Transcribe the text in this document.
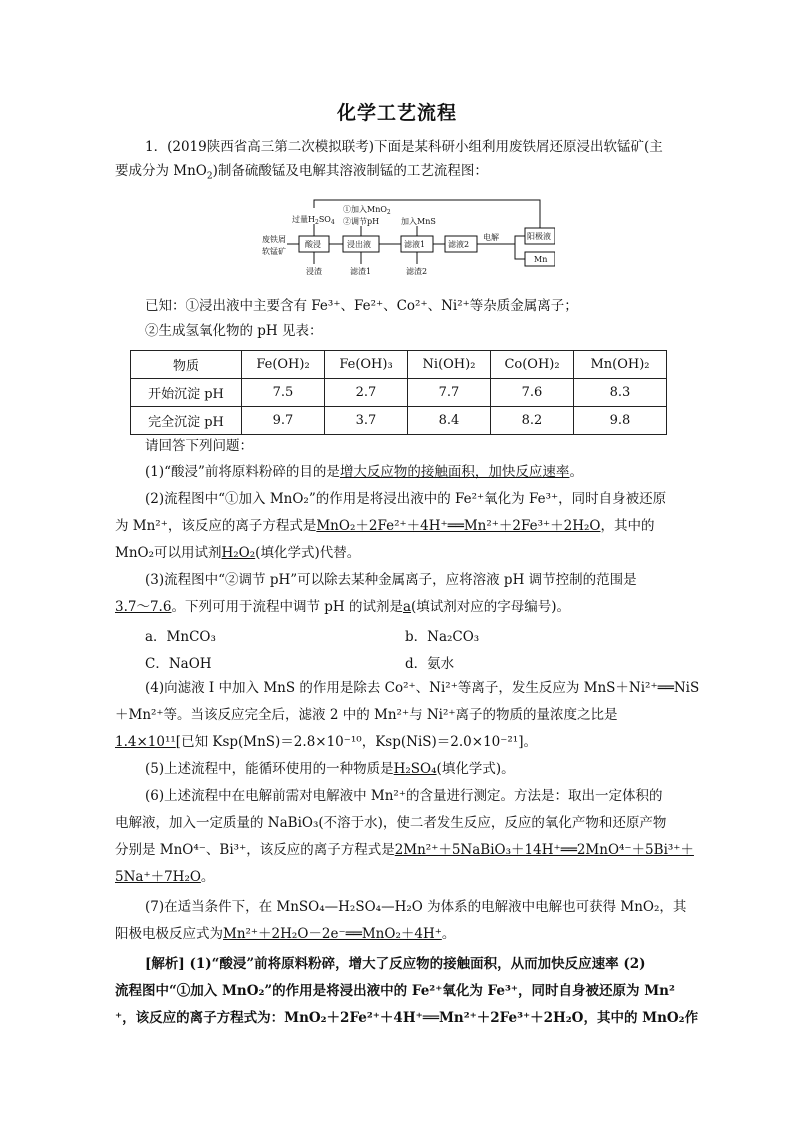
化学工艺流程
1．(2019陕西省高三第二次模拟联考)下面是某科研小组利用废铁屑还原浸出软锰矿(主
要成分为 MnO$_2$)制备硫酸锰及电解其溶液制锰的工艺流程图：
酸浸	浸出液	滤液1	滤液2
阳极液
Mn
废铁屑
软锰矿
过量$H_2SO_4$
①加入MnO$_2$
②调节pH	加入MnS
电解
浸渣	滤渣1	滤渣2
已知：①浸出液中主要含有 Fe³⁺、Fe²⁺、Co²⁺、Ni²⁺等杂质金属离子；
②生成氢氧化物的 pH 见表：
物质	Fe(OH)₂	Fe(OH)₃	Ni(OH)₂	Co(OH)₂	Mn(OH)₂
开始沉淀 pH	7.5	2.7	7.7	7.6	8.3
完全沉淀 pH	9.7	3.7	8.4	8.2	9.8
请回答下列问题：
(1)“酸浸”前将原料粉碎的目的是增大反应物的接触面积，加快反应速率。
(2)流程图中“①加入 MnO₂”的作用是将浸出液中的 Fe²⁺氧化为 Fe³⁺，同时自身被还原
为 Mn²⁺，该反应的离子方程式是MnO₂＋2Fe²⁺＋4H⁺══Mn²⁺＋2Fe³⁺＋2H₂O，其中的
MnO₂可以用试剂H₂O₂(填化学式)代替。
(3)流程图中“②调节 pH”可以除去某种金属离子，应将溶液 pH 调节控制的范围是
3.7～7.6。下列可用于流程中调节 pH 的试剂是a(填试剂对应的字母编号)。
a．MnCO₃	b．Na₂CO₃
C．NaOH	d．氨水
(4)向滤液 I 中加入 MnS 的作用是除去 Co²⁺、Ni²⁺等离子，发生反应为 MnS＋Ni²⁺══NiS
＋Mn²⁺等。当该反应完全后，滤液 2 中的 Mn²⁺与 Ni²⁺离子的物质的量浓度之比是
1.4×10¹¹[已知 Ksp(MnS)＝2.8×10⁻¹⁰，Ksp(NiS)＝2.0×10⁻²¹]。
(5)上述流程中，能循环使用的一种物质是H₂SO₄(填化学式)。
(6)上述流程中在电解前需对电解液中 Mn²⁺的含量进行测定。方法是：取出一定体积的
电解液，加入一定质量的 NaBiO₃(不溶于水)，使二者发生反应，反应的氧化产物和还原产物
分别是 MnO⁴⁻、Bi³⁺，该反应的离子方程式是2Mn²⁺＋5NaBiO₃＋14H⁺══2MnO⁴⁻＋5Bi³⁺＋
5Na⁺＋7H₂O。
(7)在适当条件下，在 MnSO₄—H₂SO₄—H₂O 为体系的电解液中电解也可获得 MnO₂，其
阳极电极反应式为Mn²⁺＋2H₂O－2e⁻══MnO₂＋4H⁺。
[解析] (1)“酸浸”前将原料粉碎，增大了反应物的接触面积，从而加快反应速率 (2)
流程图中“①加入 MnO₂”的作用是将浸出液中的 Fe²⁺氧化为 Fe³⁺，同时自身被还原为 Mn²
⁺，该反应的离子方程式为：MnO₂＋2Fe²⁺＋4H⁺══Mn²⁺＋2Fe³⁺＋2H₂O，其中的 MnO₂作
